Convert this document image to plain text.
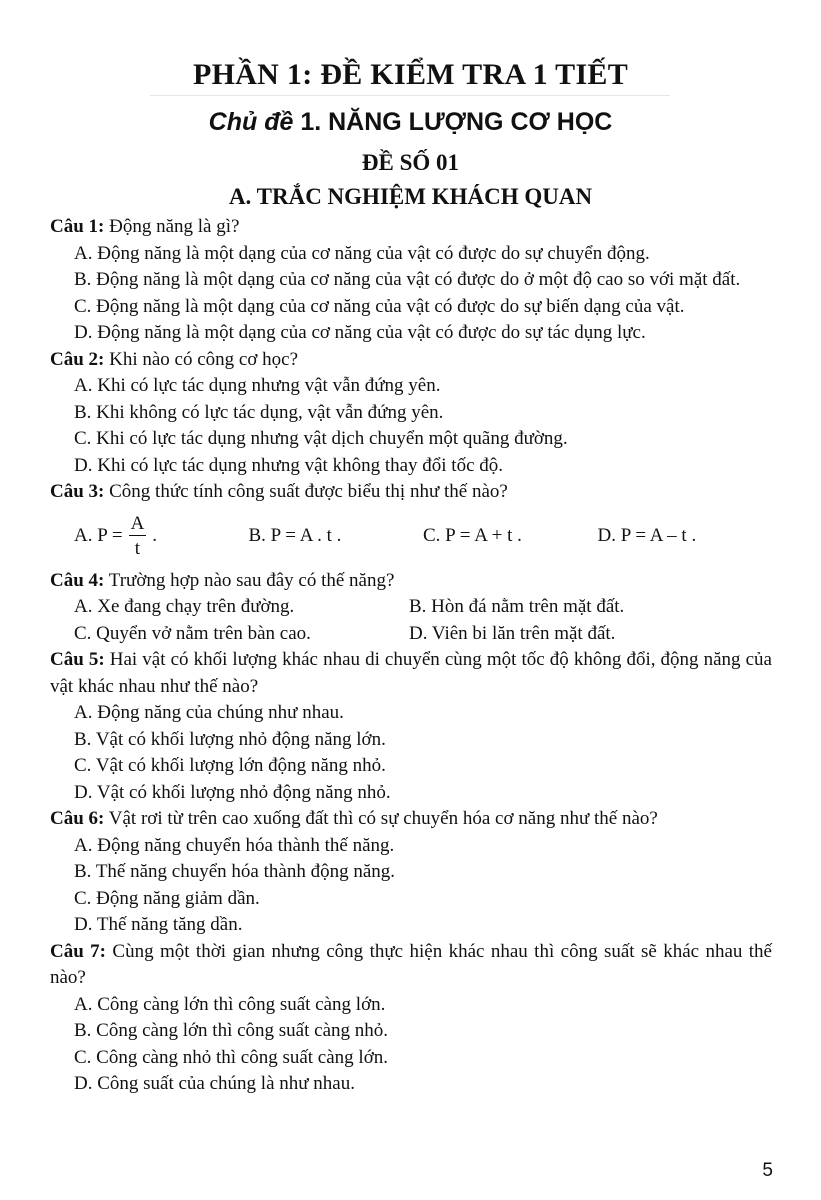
PHẦN 1: ĐỀ KIỂM TRA 1 TIẾT
Chủ đề 1. NĂNG LƯỢNG CƠ HỌC
ĐỀ SỐ 01
A. TRẮC NGHIỆM KHÁCH QUAN
Câu 1: Động năng là gì?
A. Động năng là một dạng của cơ năng của vật có được do sự chuyển động.
B. Động năng là một dạng của cơ năng của vật có được do ở một độ cao so với mặt đất.
C. Động năng là một dạng của cơ năng của vật có được do sự biến dạng của vật.
D. Động năng là một dạng của cơ năng của vật có được do sự tác dụng lực.
Câu 2: Khi nào có công cơ học?
A. Khi có lực tác dụng nhưng vật vẫn đứng yên.
B. Khi không có lực tác dụng, vật vẫn đứng yên.
C. Khi có lực tác dụng nhưng vật dịch chuyển một quãng đường.
D. Khi có lực tác dụng nhưng vật không thay đổi tốc độ.
Câu 3: Công thức tính công suất được biểu thị như thế nào?
A. $P = \frac{A}{t}$ .	B. P = A . t .	C. P = A + t .	D. P = A – t .
Câu 4: Trường hợp nào sau đây có thế năng?
A. Xe đang chạy trên đường.	B. Hòn đá nằm trên mặt đất.
C. Quyển vở nằm trên bàn cao.	D. Viên bi lăn trên mặt đất.
Câu 5: Hai vật có khối lượng khác nhau di chuyển cùng một tốc độ không đổi, động năng của vật khác nhau như thế nào?
A. Động năng của chúng như nhau.
B. Vật có khối lượng nhỏ động năng lớn.
C. Vật có khối lượng lớn động năng nhỏ.
D. Vật có khối lượng nhỏ động năng nhỏ.
Câu 6: Vật rơi từ trên cao xuống đất thì có sự chuyển hóa cơ năng như thế nào?
A. Động năng chuyển hóa thành thế năng.
B. Thế năng chuyển hóa thành động năng.
C. Động năng giảm dần.
D. Thế năng tăng dần.
Câu 7: Cùng một thời gian nhưng công thực hiện khác nhau thì công suất sẽ khác nhau thế nào?
A. Công càng lớn thì công suất càng lớn.
B. Công càng lớn thì công suất càng nhỏ.
C. Công càng nhỏ thì công suất càng lớn.
D. Công suất của chúng là như nhau.
5
